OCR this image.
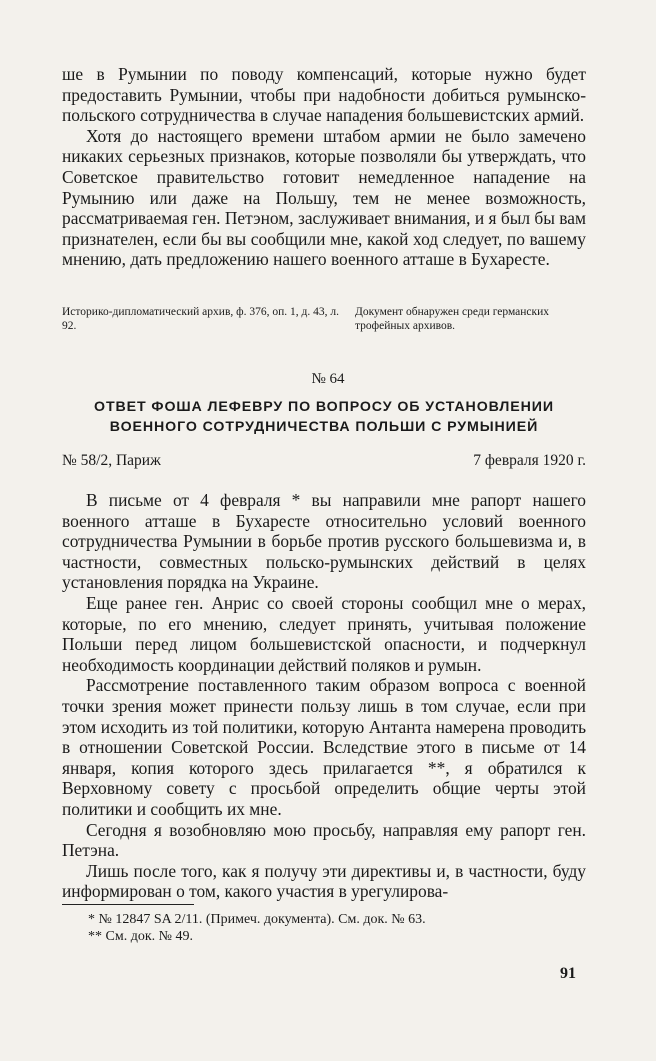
ше в Румынии по поводу компенсаций, которые нужно будет предоставить Румынии, чтобы при надобности добиться румынско-польского сотрудничества в случае нападения большевистских армий.

Хотя до настоящего времени штабом армии не было замечено никаких серьезных признаков, которые позволяли бы утверждать, что Советское правительство готовит немедленное нападение на Румынию или даже на Польшу, тем не менее возможность, рассматриваемая ген. Петэном, заслуживает внимания, и я был бы вам признателен, если бы вы сообщили мне, какой ход следует, по вашему мнению, дать предложению нашего военного атташе в Бухаресте.

Историко-дипломатический архив, ф. 376, оп. 1, д. 43, л. 92.
Документ обнаружен среди германских трофейных архивов.
№ 64
ОТВЕТ ФОША ЛЕФЕВРУ ПО ВОПРОСУ ОБ УСТАНОВЛЕНИИ ВОЕННОГО СОТРУДНИЧЕСТВА ПОЛЬШИ С РУМЫНИЕЙ
№ 58/2, Париж	7 февраля 1920 г.

В письме от 4 февраля * вы направили мне рапорт нашего военного атташе в Бухаресте относительно условий военного сотрудничества Румынии в борьбе против русского большевизма и, в частности, совместных польско-румынских действий в целях установления порядка на Украине.

Еще ранее ген. Анрис со своей стороны сообщил мне о мерах, которые, по его мнению, следует принять, учитывая положение Польши перед лицом большевистской опасности, и подчеркнул необходимость координации действий поляков и румын.

Рассмотрение поставленного таким образом вопроса с военной точки зрения может принести пользу лишь в том случае, если при этом исходить из той политики, которую Антанта намерена проводить в отношении Советской России. Вследствие этого в письме от 14 января, копия которого здесь прилагается **, я обратился к Верховному совету с просьбой определить общие черты этой политики и сообщить их мне.

Сегодня я возобновляю мою просьбу, направляя ему рапорт ген. Петэна.

Лишь после того, как я получу эти директивы и, в частности, буду информирован о том, какого участия в урегулирова-

* № 12847 SA 2/11. (Примеч. документа). См. док. № 63.
** См. док. № 49.
91
